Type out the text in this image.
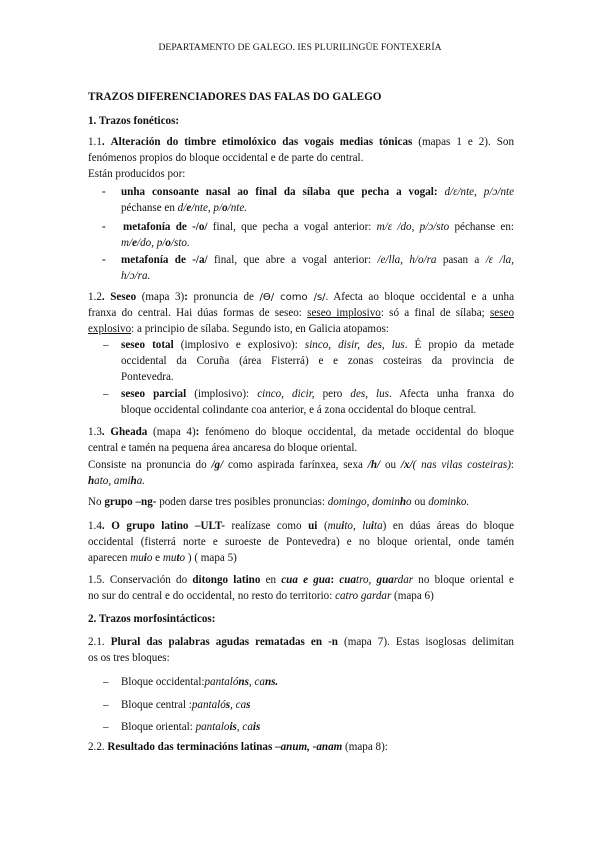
DEPARTAMENTO DE GALEGO. IES PLURILINGÜE FONTEXERÍA
TRAZOS DIFERENCIADORES DAS FALAS DO GALEGO
1. Trazos fonéticos:
1.1. Alteración do timbre etimolóxico das vogais medias tónicas (mapas 1 e 2). Son
fenómenos propios do bloque occidental e de parte do central.
Están producidos por:
- unha consoante nasal ao final da sílaba que pecha a vogal: d/ε/nte, p/ɔ/nte
péchanse en d/e/nte, p/o/nte.
- metafonía de -/o/ final, que pecha a vogal anterior: m/ε /do, p/ɔ/sto péchanse en:
m/e/do, p/o/sto.
- metafonía de -/a/ final, que abre a vogal anterior: /e/lla, h/o/ra pasan a /ε /la,
h/ɔ/ra.
1.2. Seseo (mapa 3): pronuncia de /Ɵ/ como /s/. Afecta ao bloque occidental e a unha
franxa do central. Hai dúas formas de seseo: seseo implosivo: só a final de sílaba; seseo
explosivo: a principio de sílaba. Segundo isto, en Galicia atopamos:
– seseo total (implosivo e explosivo): sinco, disir, des, lus. É propio da metade
occidental da Coruña (área Fisterrá) e e zonas costeiras da provincia de
Pontevedra.
– seseo parcial (implosivo): cinco, dicir, pero des, lus. Afecta unha franxa do
bloque occidental colindante coa anterior, e á zona occidental do bloque central.
1.3. Gheada (mapa 4): fenómeno do bloque occidental, da metade occidental do bloque
central e tamén na pequena área ancaresa do bloque oriental.
Consiste na pronuncia do /g/ como aspirada farínxea, sexa /h/ ou /x/( nas vilas costeiras):
hato, amiha.
No grupo –ng- poden darse tres posibles pronuncias: domingo, dominho ou dominko.
1.4. O grupo latino –ULT- realízase como ui (muito, luita) en dúas áreas do bloque
occidental (fisterrá norte e suroeste de Pontevedra) e no bloque oriental, onde tamén
aparecen muio e muto ) ( mapa 5)
1.5. Conservación do ditongo latino en cua e gua: cuatro, guardar no bloque oriental e
no sur do central e do occidental, no resto do territorio: catro gardar (mapa 6)
2. Trazos morfosintácticos:
2.1. Plural das palabras agudas rematadas en -n (mapa 7). Estas isoglosas delimitan
os os tres bloques:
– Bloque occidental:pantalóns, cans.
– Bloque central :pantalós, cas
– Bloque oriental: pantalois, cais
2.2. Resultado das terminacións latinas –anum, -anam (mapa 8):
